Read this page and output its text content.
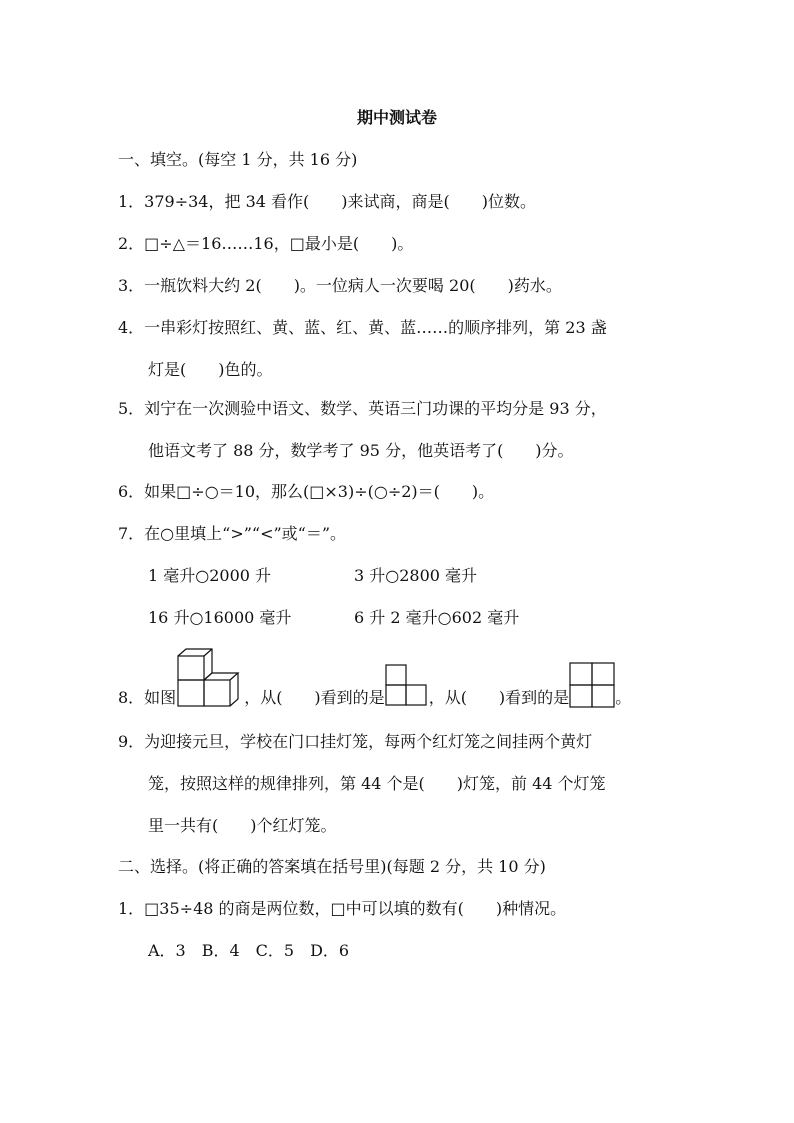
期中测试卷
一、填空。(每空 1 分，共 16 分)
1．379÷34，把 34 看作(　　)来试商，商是(　　)位数。
2．□÷△＝16……16，□最小是(　　)。
3．一瓶饮料大约 2(　　)。一位病人一次要喝 20(　　)药水。
4．一串彩灯按照红、黄、蓝、红、黄、蓝……的顺序排列，第 23 盏
灯是(　　)色的。
5．刘宁在一次测验中语文、数学、英语三门功课的平均分是 93 分，
他语文考了 88 分，数学考了 95 分，他英语考了(　　)分。
6．如果□÷○＝10，那么(□×3)÷(○÷2)＝(　　)。
7．在○里填上“>”“<”或“＝”。
1 毫升○2000 升	3 升○2800 毫升
16 升○16000 毫升	6 升 2 毫升○602 毫升
8．如图	，从(　　)看到的是	，从(　　)看到的是	。
9．为迎接元旦，学校在门口挂灯笼，每两个红灯笼之间挂两个黄灯
笼，按照这样的规律排列，第 44 个是(　　)灯笼，前 44 个灯笼
里一共有(　　)个红灯笼。
二、选择。(将正确的答案填在括号里)(每题 2 分，共 10 分)
1．□35÷48 的商是两位数，□中可以填的数有(　　)种情况。
A．3　B．4　C．5　D．6
